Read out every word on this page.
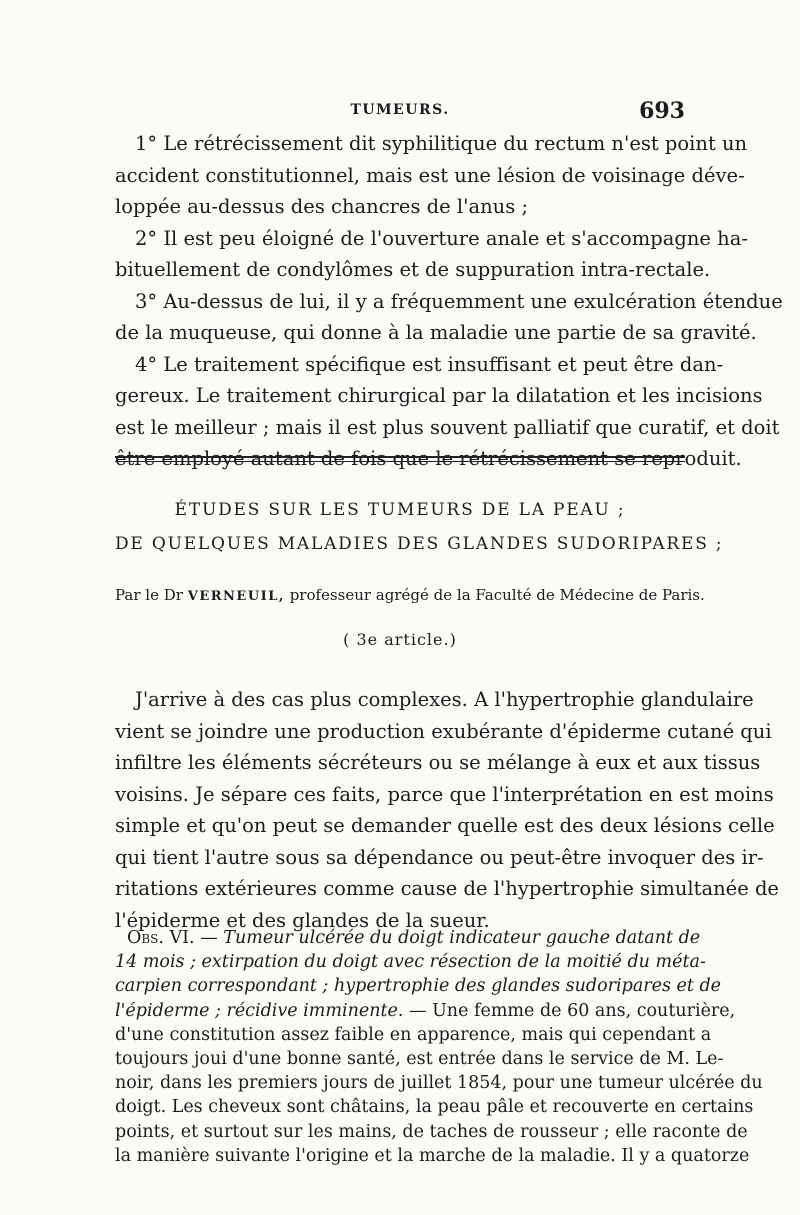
TUMEURS.	693
1° Le rétrécissement dit syphilitique du rectum n'est point un
accident constitutionnel, mais est une lésion de voisinage déve-
loppée au-dessus des chancres de l'anus ;
2° Il est peu éloigné de l'ouverture anale et s'accompagne ha-
bituellement de condylômes et de suppuration intra-rectale.
3° Au-dessus de lui, il y a fréquemment une exulcération étendue
de la muqueuse, qui donne à la maladie une partie de sa gravité.
4° Le traitement spécifique est insuffisant et peut être dan-
gereux. Le traitement chirurgical par la dilatation et les incisions
est le meilleur ; mais il est plus souvent palliatif que curatif, et doit
être employé autant de fois que le rétrécissement se reproduit.
ÉTUDES SUR LES TUMEURS DE LA PEAU ;
DE QUELQUES MALADIES DES GLANDES SUDORIPARES ;
Par le Dr VERNEUIL, professeur agrégé de la Faculté de Médecine de Paris.
( 3e article.)
J'arrive à des cas plus complexes. A l'hypertrophie glandulaire
vient se joindre une production exubérante d'épiderme cutané qui
infiltre les éléments sécréteurs ou se mélange à eux et aux tissus
voisins. Je sépare ces faits, parce que l'interprétation en est moins
simple et qu'on peut se demander quelle est des deux lésions celle
qui tient l'autre sous sa dépendance ou peut-être invoquer des ir-
ritations extérieures comme cause de l'hypertrophie simultanée de
l'épiderme et des glandes de la sueur.
Obs. VI. — Tumeur ulcérée du doigt indicateur gauche datant de
14 mois ; extirpation du doigt avec résection de la moitié du méta-
carpien correspondant ; hypertrophie des glandes sudoripares et de
l'épiderme ; récidive imminente. — Une femme de 60 ans, couturière,
d'une constitution assez faible en apparence, mais qui cependant a
toujours joui d'une bonne santé, est entrée dans le service de M. Le-
noir, dans les premiers jours de juillet 1854, pour une tumeur ulcérée du
doigt. Les cheveux sont châtains, la peau pâle et recouverte en certains
points, et surtout sur les mains, de taches de rousseur ; elle raconte de
la manière suivante l'origine et la marche de la maladie. Il y a quatorze
